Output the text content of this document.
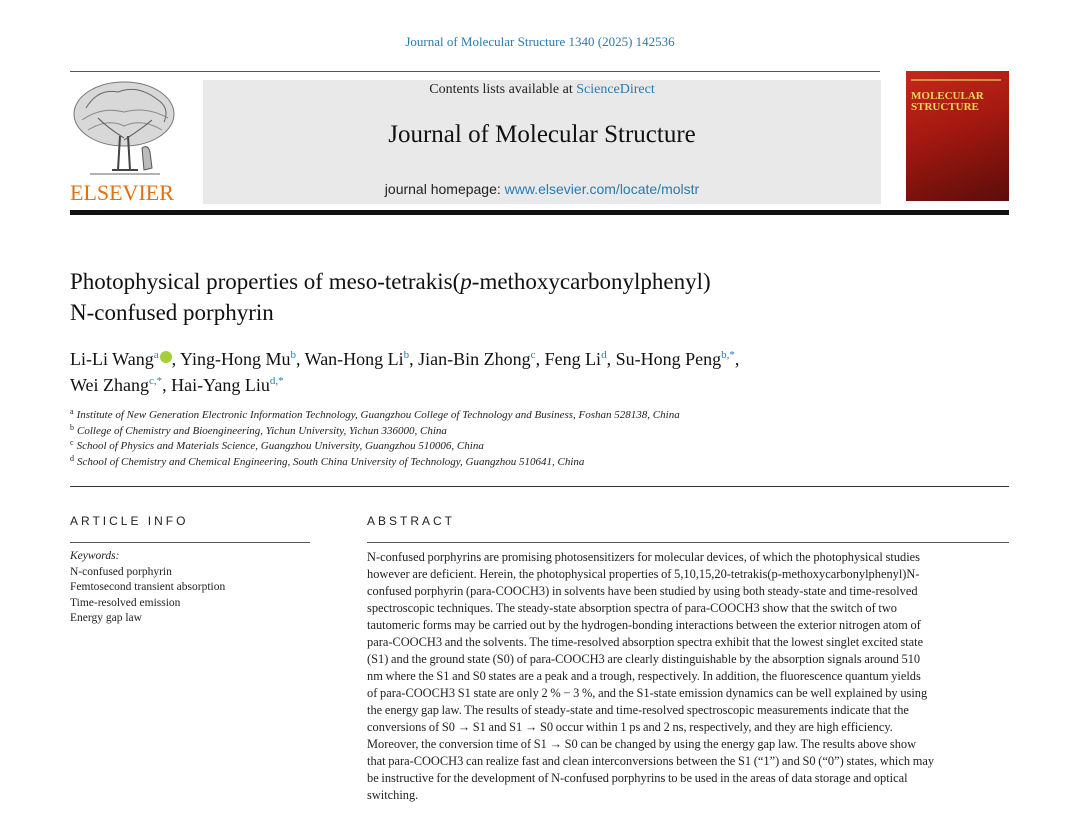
Journal of Molecular Structure 1340 (2025) 142536
ELSEVIER
Contents lists available at ScienceDirect
Journal of Molecular Structure
journal homepage: www.elsevier.com/locate/molstr
MOLECULAR STRUCTURE
Photophysical properties of meso-tetrakis(p-methoxycarbonylphenyl)
N-confused porphyrin
Li-Li Wang$^a$ , Ying-Hong Mu$^b$, Wan-Hong Li$^b$, Jian-Bin Zhong$^c$, Feng Li$^d$, Su-Hong Peng$^{b,*}$,
Wei Zhang$^{c,*}$, Hai-Yang Liu$^{d,*}$
$^a$ Institute of New Generation Electronic Information Technology, Guangzhou College of Technology and Business, Foshan 528138, China
$^b$ College of Chemistry and Bioengineering, Yichun University, Yichun 336000, China
$^c$ School of Physics and Materials Science, Guangzhou University, Guangzhou 510006, China
$^d$ School of Chemistry and Chemical Engineering, South China University of Technology, Guangzhou 510641, China
ARTICLE INFO
Keywords:
N-confused porphyrin
Femtosecond transient absorption
Time-resolved emission
Energy gap law
ABSTRACT
N-confused porphyrins are promising photosensitizers for molecular devices, of which the photophysical studies
however are deficient. Herein, the photophysical properties of 5,10,15,20-tetrakis(p-methoxycarbonylphenyl)N-
confused porphyrin (para-COOCH3) in solvents have been studied by using both steady-state and time-resolved
spectroscopic techniques. The steady-state absorption spectra of para-COOCH3 show that the switch of two
tautomeric forms may be carried out by the hydrogen-bonding interactions between the exterior nitrogen atom of
para-COOCH3 and the solvents. The time-resolved absorption spectra exhibit that the lowest singlet excited state
(S1) and the ground state (S0) of para-COOCH3 are clearly distinguishable by the absorption signals around 510
nm where the S1 and S0 states are a peak and a trough, respectively. In addition, the fluorescence quantum yields
of para-COOCH3 S1 state are only 2 % − 3 %, and the S1-state emission dynamics can be well explained by using
the energy gap law. The results of steady-state and time-resolved spectroscopic measurements indicate that the
conversions of S0 → S1 and S1 → S0 occur within 1 ps and 2 ns, respectively, and they are high efficiency.
Moreover, the conversion time of S1 → S0 can be changed by using the energy gap law. The results above show
that para-COOCH3 can realize fast and clean interconversions between the S1 (“1”) and S0 (“0”) states, which may
be instructive for the development of N-confused porphyrins to be used in the areas of data storage and optical
switching.
